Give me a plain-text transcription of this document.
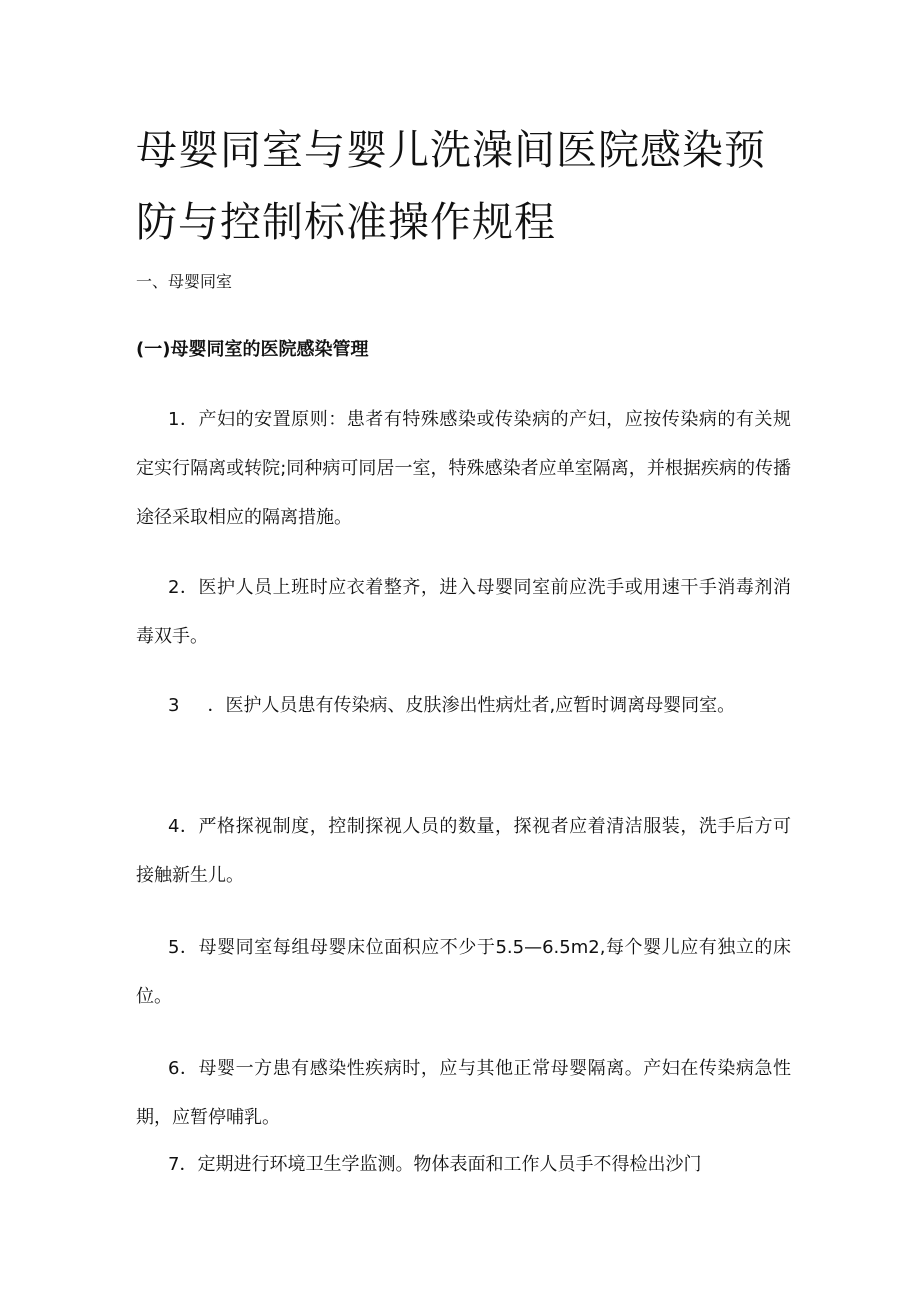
母婴同室与婴儿洗澡间医院感染预防与控制标准操作规程

一、母婴同室

(一)母婴同室的医院感染管理

1．产妇的安置原则：患者有特殊感染或传染病的产妇，应按传染病的有关规定实行隔离或转院;同种病可同居一室，特殊感染者应单室隔离，并根据疾病的传播途径采取相应的隔离措施。

2．医护人员上班时应衣着整齐，进入母婴同室前应洗手或用速干手消毒剂消毒双手。

3 ．医护人员患有传染病、皮肤渗出性病灶者,应暂时调离母婴同室。

4．严格探视制度，控制探视人员的数量，探视者应着清洁服装，洗手后方可接触新生儿。

5．母婴同室每组母婴床位面积应不少于5.5—6.5m2,每个婴儿应有独立的床位。

6．母婴一方患有感染性疾病时，应与其他正常母婴隔离。产妇在传染病急性期，应暂停哺乳。

7．定期进行环境卫生学监测。物体表面和工作人员手不得检出沙门
